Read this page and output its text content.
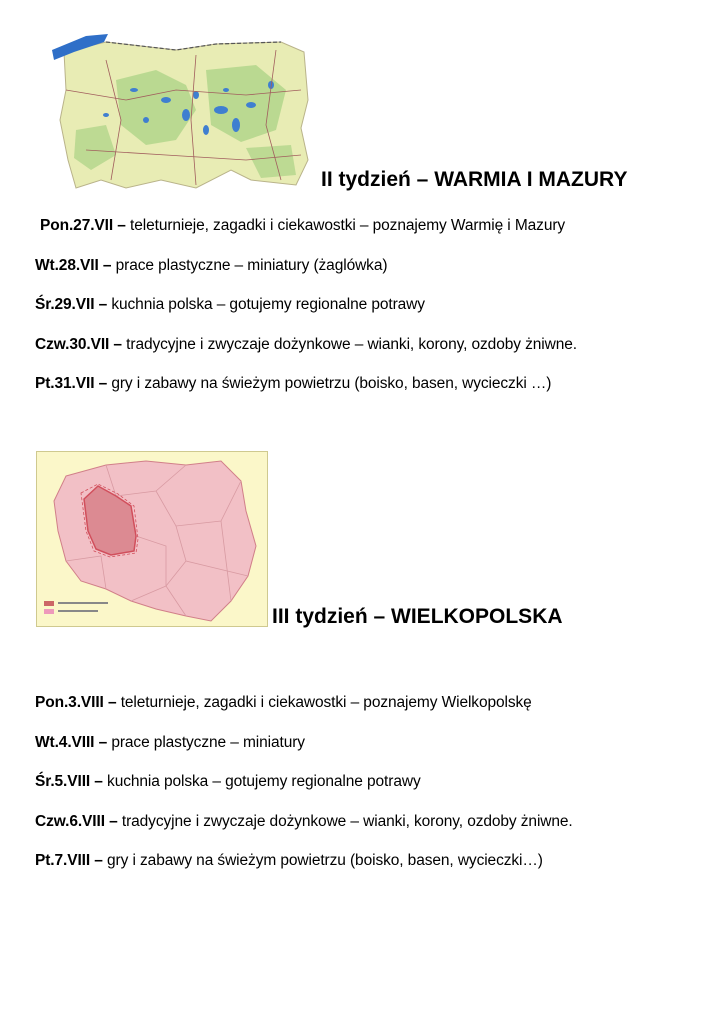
II tydzień – WARMIA I MAZURY
Pon.27.VII – teleturnieje, zagadki i ciekawostki – poznajemy Warmię i Mazury
Wt.28.VII – prace plastyczne – miniatury (żaglówka)
Śr.29.VII – kuchnia polska – gotujemy regionalne potrawy
Czw.30.VII – tradycyjne i zwyczaje dożynkowe – wianki, korony, ozdoby żniwne.
Pt.31.VII – gry i zabawy na świeżym powietrzu (boisko, basen, wycieczki …)
III tydzień – WIELKOPOLSKA
Pon.3.VIII – teleturnieje, zagadki i ciekawostki – poznajemy Wielkopolskę
Wt.4.VIII – prace plastyczne – miniatury
Śr.5.VIII – kuchnia polska – gotujemy regionalne potrawy
Czw.6.VIII – tradycyjne i zwyczaje dożynkowe – wianki, korony, ozdoby żniwne.
Pt.7.VIII – gry i zabawy na świeżym powietrzu (boisko, basen, wycieczki…)
